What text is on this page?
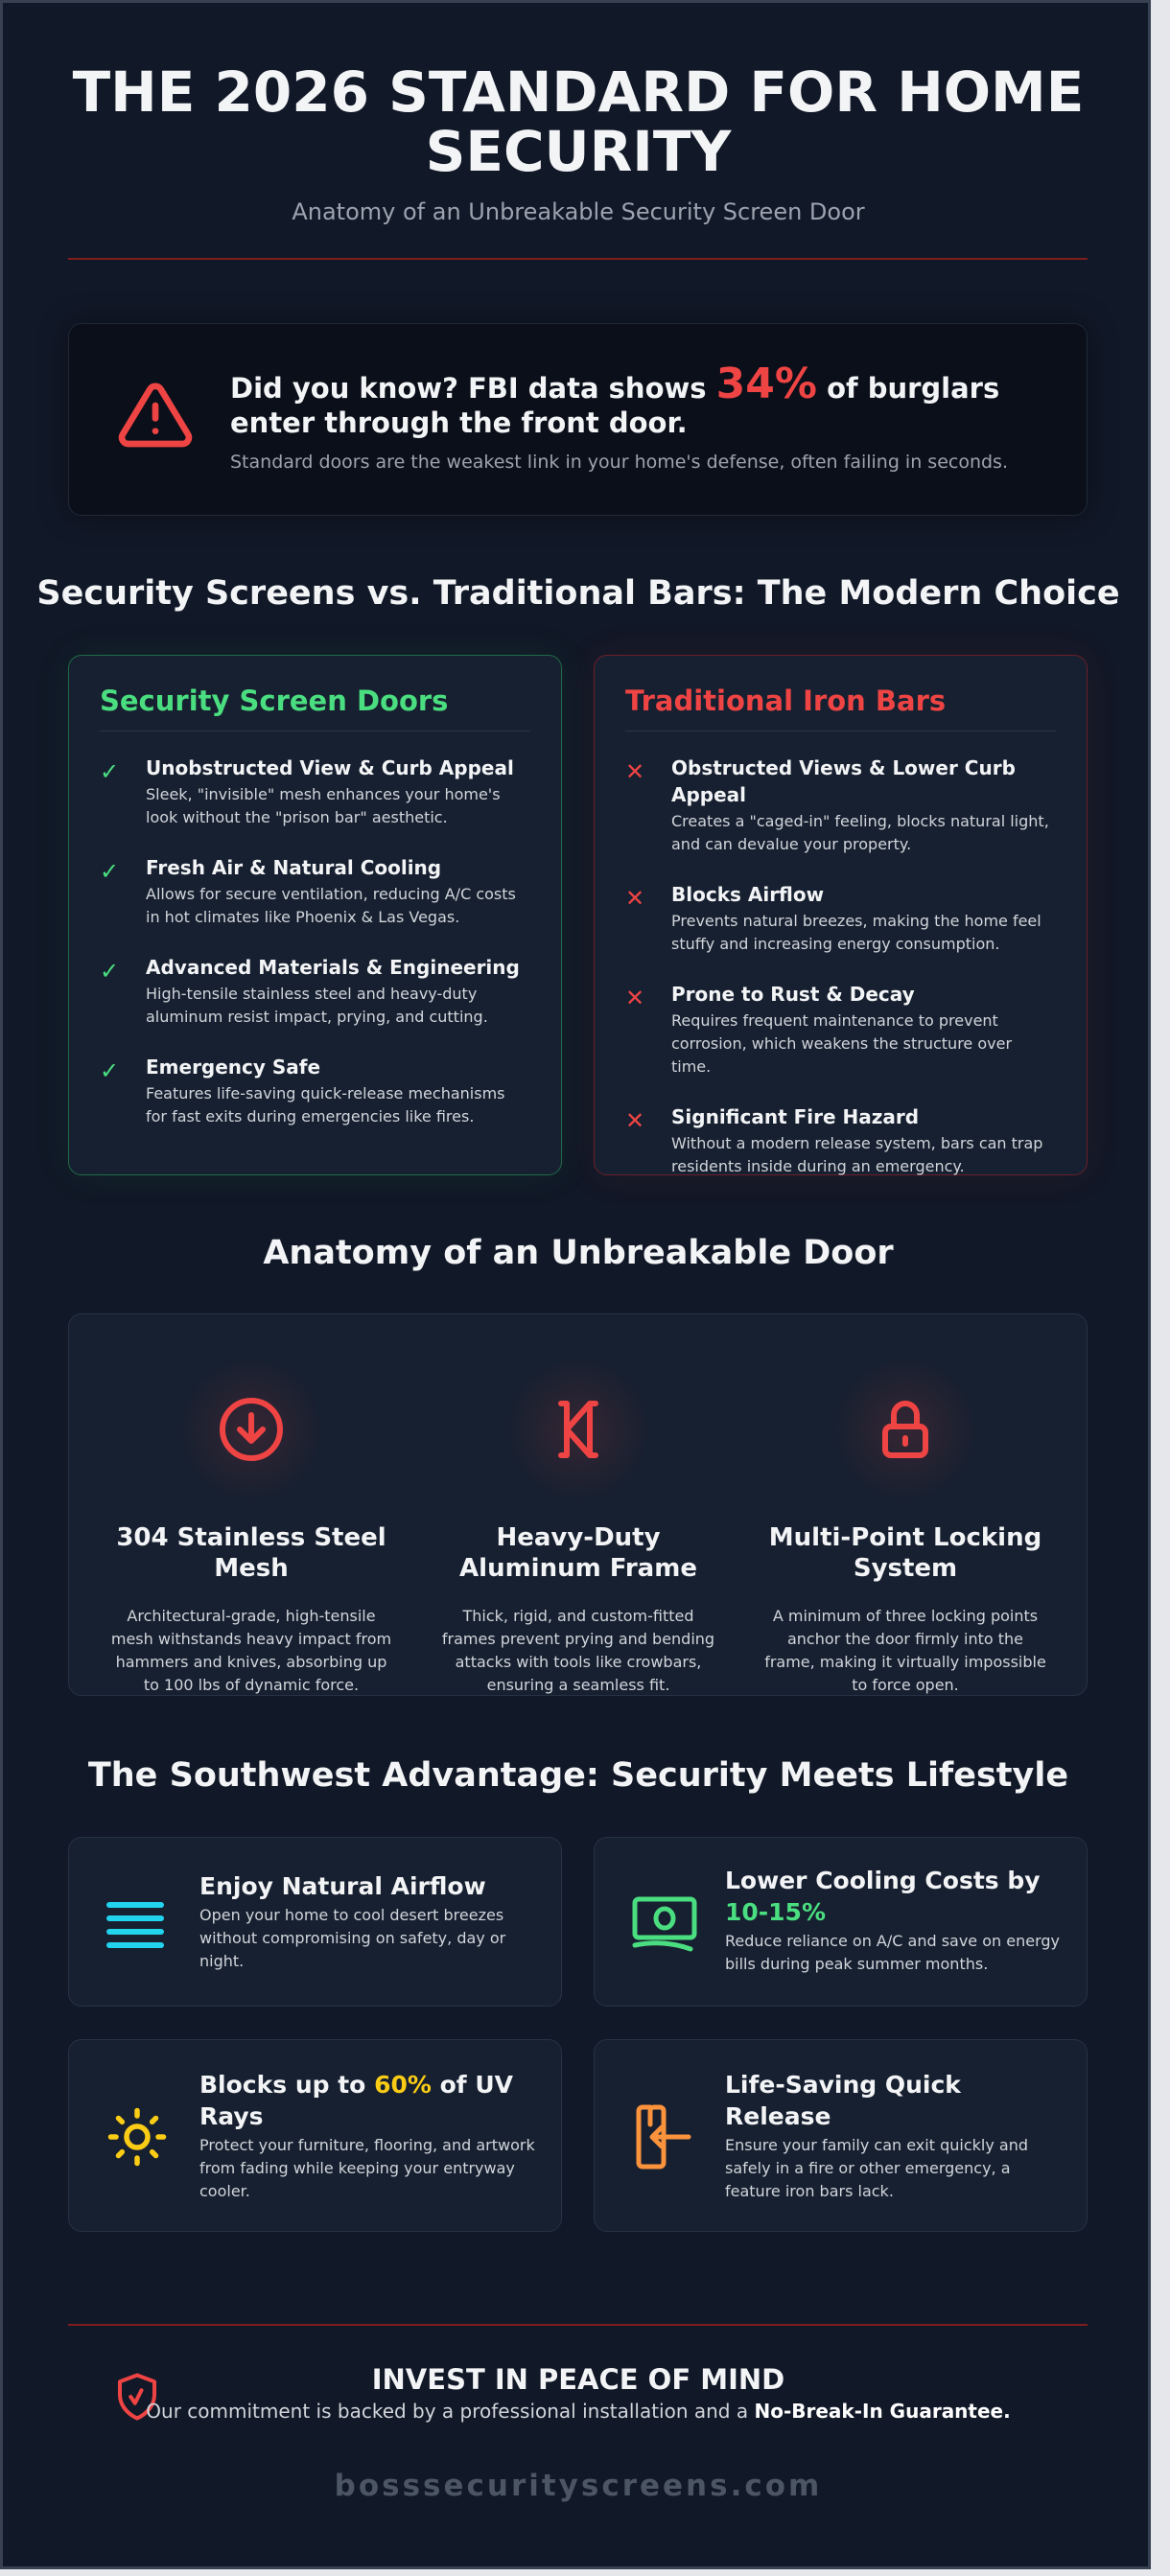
THE 2026 STANDARD FOR HOME SECURITY
Anatomy of an Unbreakable Security Screen Door
Did you know? FBI data shows 34% of burglars enter through the front door.
Standard doors are the weakest link in your home's defense, often failing in seconds.
Security Screens vs. Traditional Bars: The Modern Choice
Security Screen Doors
✓	Unobstructed View & Curb Appeal
Sleek, "invisible" mesh enhances your home's look without the "prison bar" aesthetic.
✓	Fresh Air & Natural Cooling
Allows for secure ventilation, reducing A/C costs in hot climates like Phoenix & Las Vegas.
✓	Advanced Materials & Engineering
High-tensile stainless steel and heavy-duty aluminum resist impact, prying, and cutting.
✓	Emergency Safe
Features life-saving quick-release mechanisms for fast exits during emergencies like fires.
Traditional Iron Bars
✕	Obstructed Views & Lower Curb Appeal
Creates a "caged-in" feeling, blocks natural light, and can devalue your property.
✕	Blocks Airflow
Prevents natural breezes, making the home feel stuffy and increasing energy consumption.
✕	Prone to Rust & Decay
Requires frequent maintenance to prevent corrosion, which weakens the structure over time.
✕	Significant Fire Hazard
Without a modern release system, bars can trap residents inside during an emergency.
Anatomy of an Unbreakable Door
304 Stainless Steel Mesh
Architectural-grade, high-tensile mesh withstands heavy impact from hammers and knives, absorbing up to 100 lbs of dynamic force.
Heavy-Duty Aluminum Frame
Thick, rigid, and custom-fitted frames prevent prying and bending attacks with tools like crowbars, ensuring a seamless fit.
Multi-Point Locking System
A minimum of three locking points anchor the door firmly into the frame, making it virtually impossible to force open.
The Southwest Advantage: Security Meets Lifestyle
Enjoy Natural Airflow
Open your home to cool desert breezes without compromising on safety, day or night.
Lower Cooling Costs by 10-15%
Reduce reliance on A/C and save on energy bills during peak summer months.
Blocks up to 60% of UV Rays
Protect your furniture, flooring, and artwork from fading while keeping your entryway cooler.
Life-Saving Quick Release
Ensure your family can exit quickly and safely in a fire or other emergency, a feature iron bars lack.
INVEST IN PEACE OF MIND
Our commitment is backed by a professional installation and a No-Break-In Guarantee.
bosssecurityscreens.com
